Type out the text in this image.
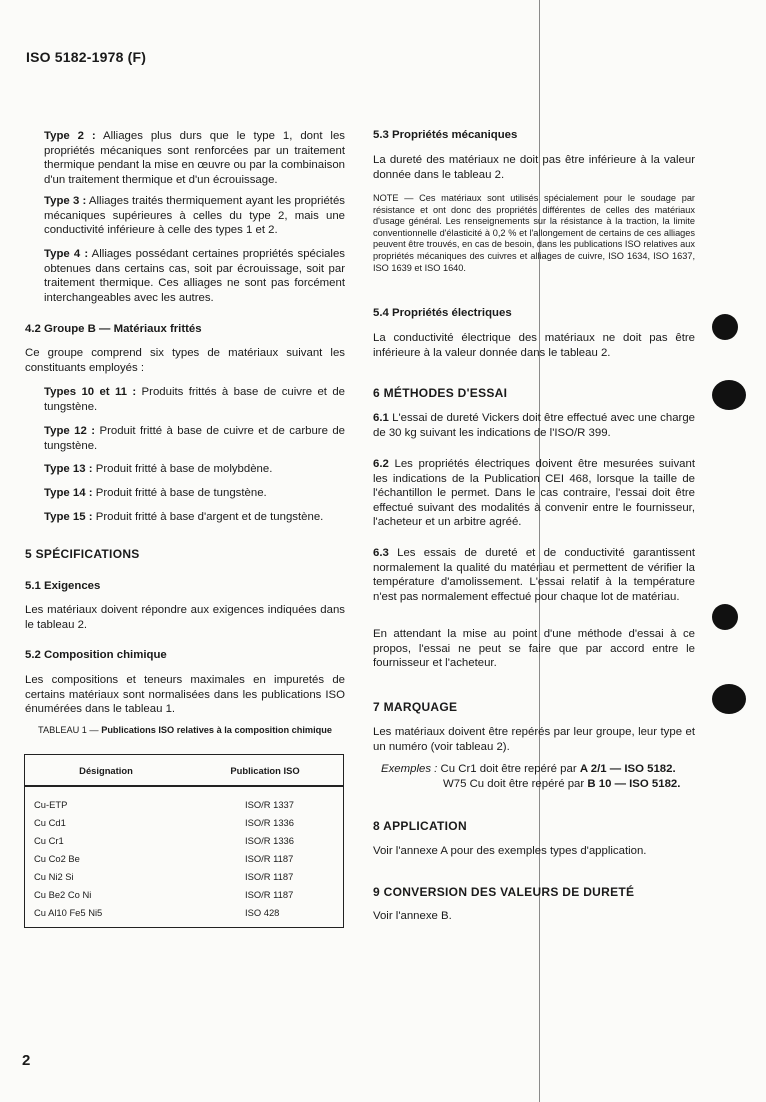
ISO 5182-1978 (F)

Type 2 : Alliages plus durs que le type 1, dont les propriétés mécaniques sont renforcées par un traitement thermique pendant la mise en œuvre ou par la combinaison d'un traitement thermique et d'un écrouissage.

Type 3 : Alliages traités thermiquement ayant les propriétés mécaniques supérieures à celles du type 2, mais une conductivité inférieure à celle des types 1 et 2.

Type 4 : Alliages possédant certaines propriétés spéciales obtenues dans certains cas, soit par écrouissage, soit par traitement thermique. Ces alliages ne sont pas forcément interchangeables avec les autres.

4.2 Groupe B — Matériaux frittés

Ce groupe comprend six types de matériaux suivant les constituants employés :

Types 10 et 11 : Produits frittés à base de cuivre et de tungstène.

Type 12 : Produit fritté à base de cuivre et de carbure de tungstène.

Type 13 : Produit fritté à base de molybdène.

Type 14 : Produit fritté à base de tungstène.

Type 15 : Produit fritté à base d'argent et de tungstène.

5 SPÉCIFICATIONS

5.1 Exigences

Les matériaux doivent répondre aux exigences indiquées dans le tableau 2.

5.2 Composition chimique

Les compositions et teneurs maximales en impuretés de certains matériaux sont normalisées dans les publications ISO énumérées dans le tableau 1.

TABLEAU 1 — Publications ISO relatives à la composition chimique
Désignation	Publication ISO
Cu-ETP	ISO/R 1337
Cu Cd1	ISO/R 1336
Cu Cr1	ISO/R 1336
Cu Co2 Be	ISO/R 1187
Cu Ni2 Si	ISO/R 1187
Cu Be2 Co Ni	ISO/R 1187
Cu Al10 Fe5 Ni5	ISO 428

5.3 Propriétés mécaniques

La dureté des matériaux ne doit pas être inférieure à la valeur donnée dans le tableau 2.

NOTE — Ces matériaux sont utilisés spécialement pour le soudage par résistance et ont donc des propriétés différentes de celles des matériaux d'usage général. Les renseignements sur la résistance à la traction, la limite conventionnelle d'élasticité à 0,2 % et l'allongement de certains de ces alliages peuvent être trouvés, en cas de besoin, dans les publications ISO relatives aux propriétés mécaniques des cuivres et alliages de cuivre, ISO 1634, ISO 1637, ISO 1639 et ISO 1640.

5.4 Propriétés électriques

La conductivité électrique des matériaux ne doit pas être inférieure à la valeur donnée dans le tableau 2.

6 MÉTHODES D'ESSAI

6.1 L'essai de dureté Vickers doit être effectué avec une charge de 30 kg suivant les indications de l'ISO/R 399.

6.2 Les propriétés électriques doivent être mesurées suivant les indications de la Publication CEI 468, lorsque la taille de l'échantillon le permet. Dans le cas contraire, l'essai doit être effectué suivant des modalités à convenir entre le fournisseur, l'acheteur et un arbitre agréé.

6.3 Les essais de dureté et de conductivité garantissent normalement la qualité du matériau et permettent de vérifier la température d'amolissement. L'essai relatif à la température n'est pas normalement effectué pour chaque lot de matériau.

En attendant la mise au point d'une méthode d'essai à ce propos, l'essai ne peut se faire que par accord entre le fournisseur et l'acheteur.

7 MARQUAGE

Les matériaux doivent être repérés par leur groupe, leur type et un numéro (voir tableau 2).

Exemples : Cu Cr1 doit être repéré par A 2/1 — ISO 5182.
W75 Cu doit être repéré par B 10 — ISO 5182.

8 APPLICATION

Voir l'annexe A pour des exemples types d'application.

9 CONVERSION DES VALEURS DE DURETÉ

Voir l'annexe B.

2
